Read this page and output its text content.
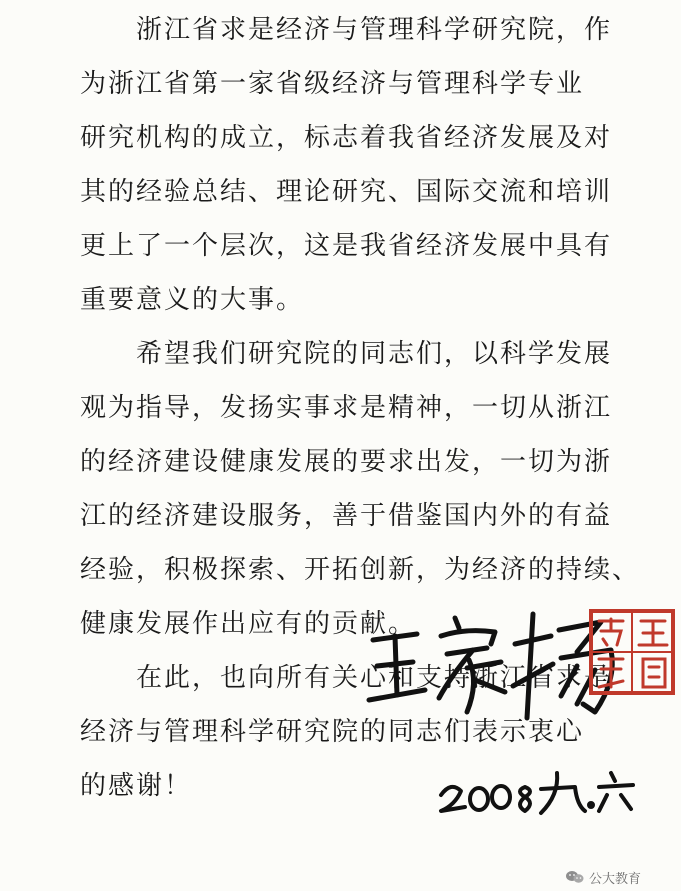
浙江省求是经济与管理科学研究院，作
为浙江省第一家省级经济与管理科学专业
研究机构的成立，标志着我省经济发展及对
其的经验总结、理论研究、国际交流和培训
更上了一个层次，这是我省经济发展中具有
重要意义的大事。
希望我们研究院的同志们，以科学发展
观为指导，发扬实事求是精神，一切从浙江
的经济建设健康发展的要求出发，一切为浙
江的经济建设服务，善于借鉴国内外的有益
经验，积极探索、开拓创新，为经济的持续、
健康发展作出应有的贡献。
在此，也向所有关心和支持浙江省求是
经济与管理科学研究院的同志们表示衷心
的感谢！
公大教育
